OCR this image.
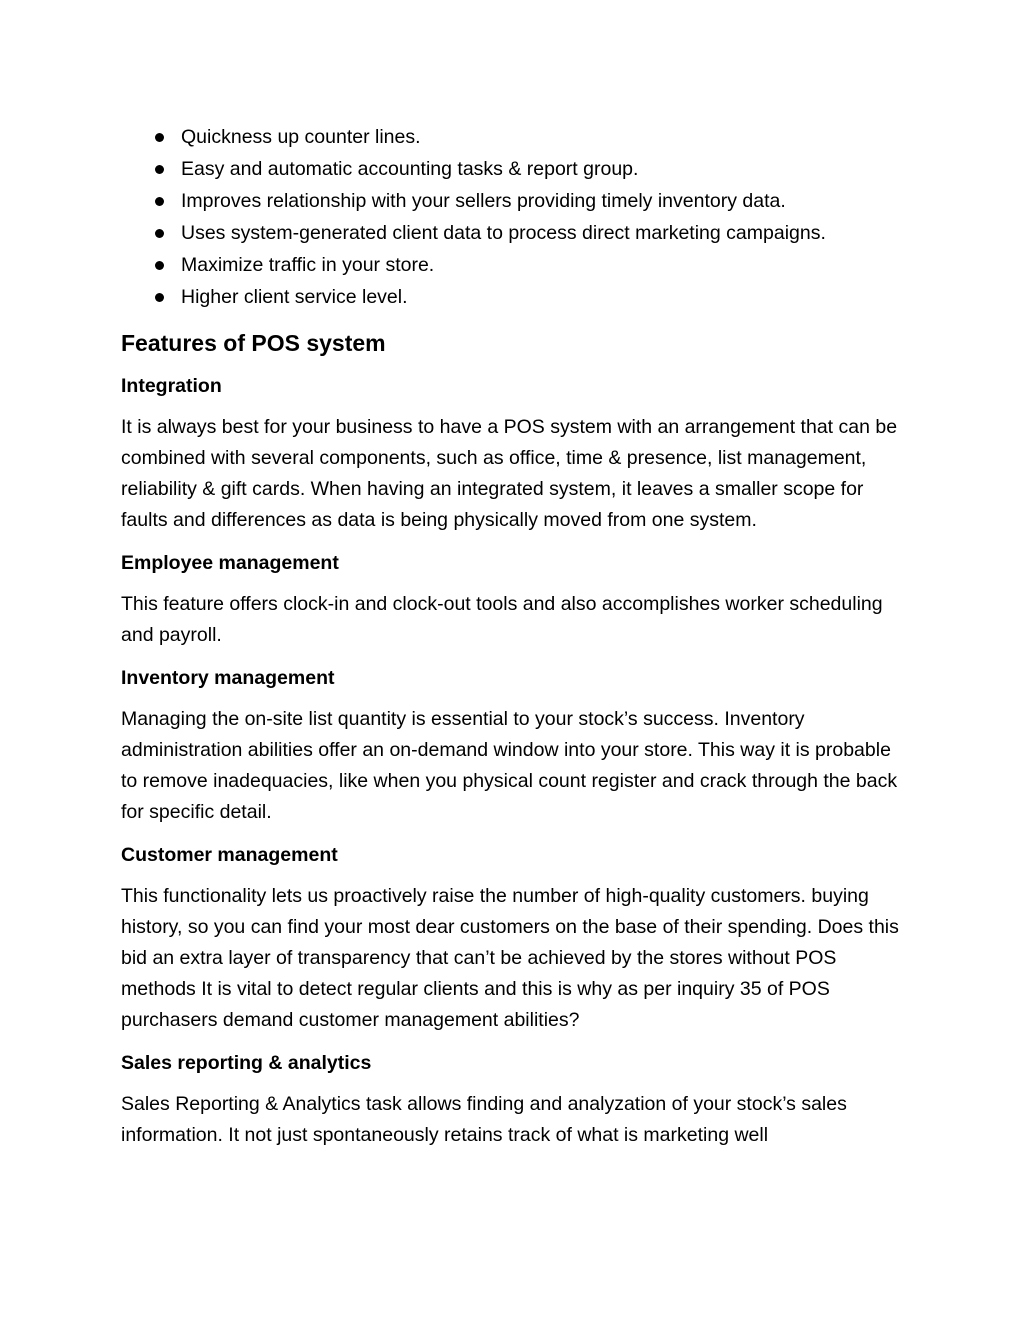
Quickness up counter lines.
Easy and automatic accounting tasks & report group.
Improves relationship with your sellers providing timely inventory data.
Uses system-generated client data to process direct marketing campaigns.
Maximize traffic in your store.
Higher client service level.
Features of POS system
Integration

It is always best for your business to have a POS system with an arrangement that can be combined with several components, such as office, time & presence, list management, reliability & gift cards. When having an integrated system, it leaves a smaller scope for faults and differences as data is being physically moved from one system.

Employee management

This feature offers clock-in and clock-out tools and also accomplishes worker scheduling and payroll.

Inventory management

Managing the on-site list quantity is essential to your stock’s success. Inventory administration abilities offer an on-demand window into your store. This way it is probable to remove inadequacies, like when you physical count register and crack through the back for specific detail.

Customer management

This functionality lets us proactively raise the number of high-quality customers. buying history, so you can find your most dear customers on the base of their spending. Does this bid an extra layer of transparency that can’t be achieved by the stores without POS methods It is vital to detect regular clients and this is why as per inquiry 35 of POS purchasers demand customer management abilities?

Sales reporting & analytics

Sales Reporting & Analytics task allows finding and analyzation of your stock’s sales information. It not just spontaneously retains track of what is marketing well
